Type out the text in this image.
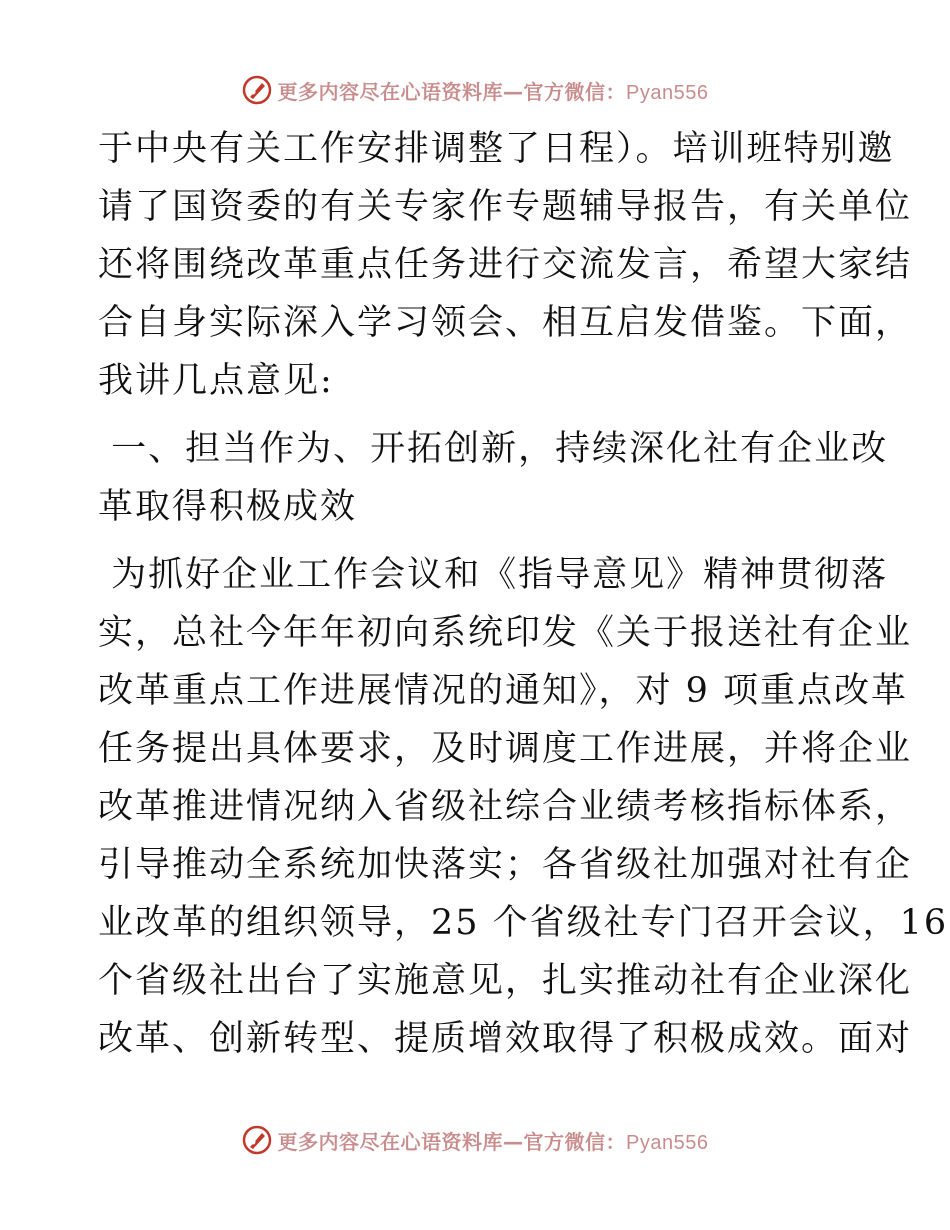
更多内容尽在心语资料库—官方微信：Pyan556
于中央有关工作安排调整了日程）。培训班特别邀
请了国资委的有关专家作专题辅导报告，有关单位
还将围绕改革重点任务进行交流发言，希望大家结
合自身实际深入学习领会、相互启发借鉴。下面，
我讲几点意见:
一、担当作为、开拓创新，持续深化社有企业改
革取得积极成效
为抓好企业工作会议和《指导意见》精神贯彻落
实，总社今年年初向系统印发《关于报送社有企业
改革重点工作进展情况的通知》，对 9 项重点改革
任务提出具体要求，及时调度工作进展，并将企业
改革推进情况纳入省级社综合业绩考核指标体系，
引导推动全系统加快落实；各省级社加强对社有企
业改革的组织领导，25 个省级社专门召开会议，16
个省级社出台了实施意见，扎实推动社有企业深化
改革、创新转型、提质增效取得了积极成效。面对
更多内容尽在心语资料库—官方微信：Pyan556
